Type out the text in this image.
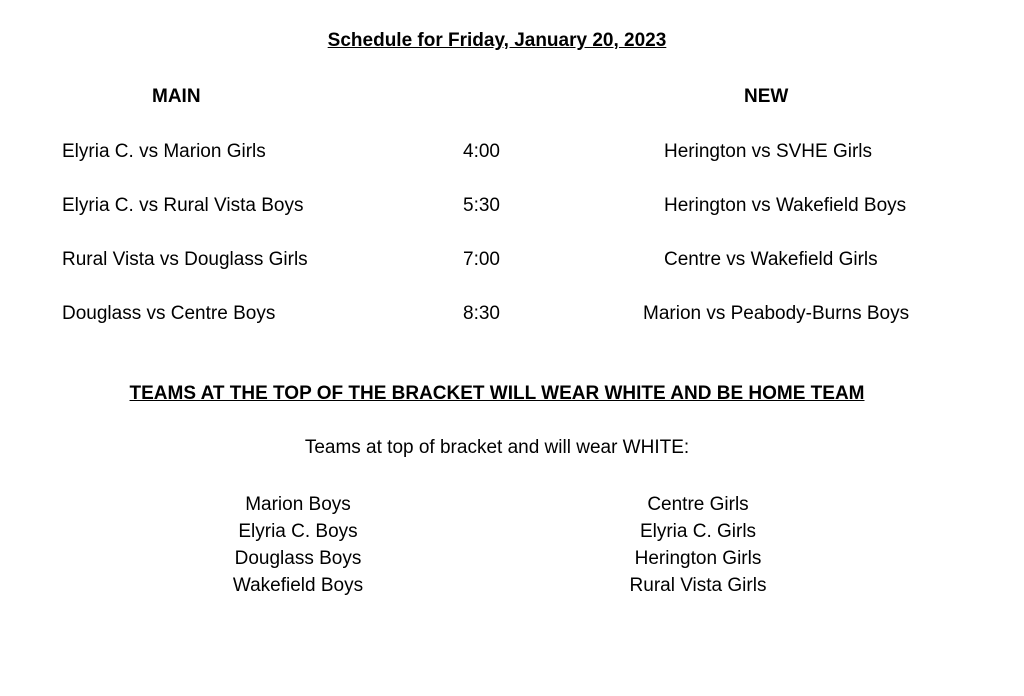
Schedule for Friday, January 20, 2023
MAIN	NEW
Elyria C. vs Marion Girls	4:00	Herington vs SVHE Girls
Elyria C. vs Rural Vista Boys	5:30	Herington vs Wakefield Boys
Rural Vista vs Douglass Girls	7:00	Centre vs Wakefield Girls
Douglass vs Centre Boys	8:30	Marion vs Peabody-Burns Boys
TEAMS AT THE TOP OF THE BRACKET WILL WEAR WHITE AND BE HOME TEAM
Teams at top of bracket and will wear WHITE:
Marion Boys
Elyria C. Boys
Douglass Boys
Wakefield Boys
Centre Girls
Elyria C. Girls
Herington Girls
Rural Vista Girls
